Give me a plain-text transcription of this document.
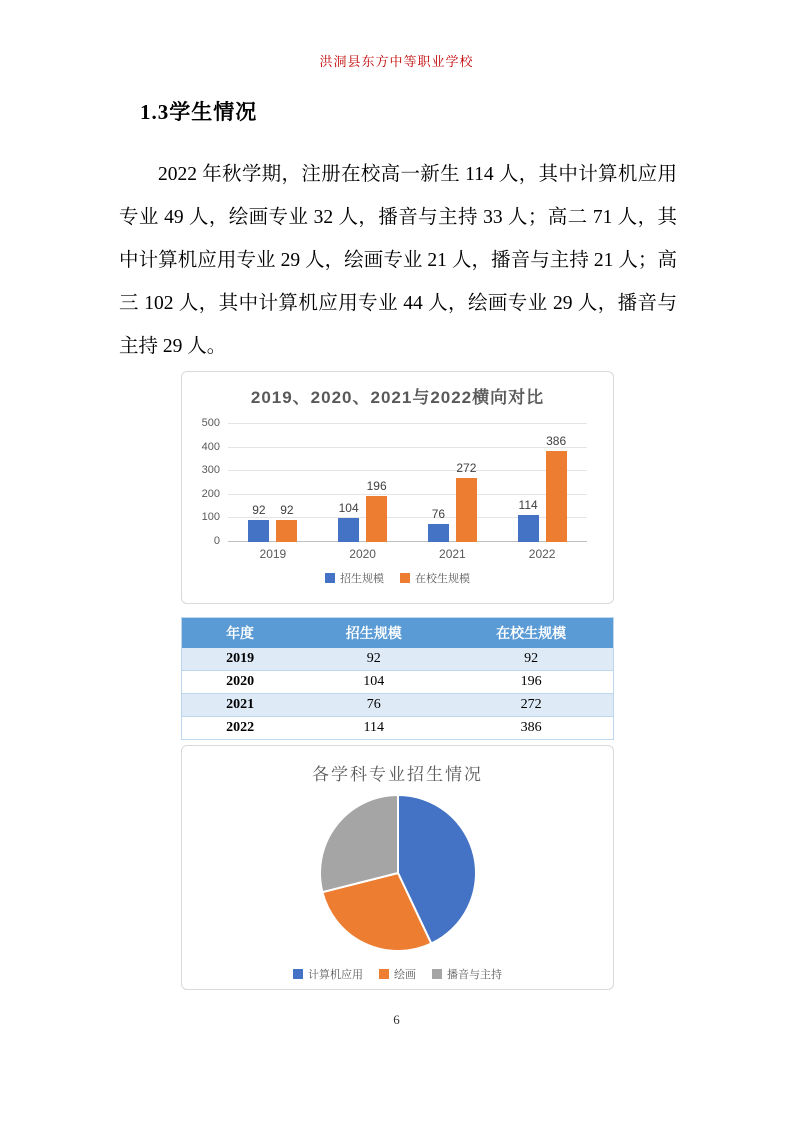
洪洞县东方中等职业学校
1.3学生情况
2022 年秋学期，注册在校高一新生 114 人，其中计算机应用专业 49 人，绘画专业 32 人，播音与主持 33 人；高二 71 人，其中计算机应用专业 29 人，绘画专业 21 人，播音与主持 21 人；高三 102 人，其中计算机应用专业 44 人，绘画专业 29 人，播音与主持 29 人。
2019、2020、2021与2022横向对比
0
100
200
300
400
500
92 92	104
196
76
272
114
386
2019	2020	2021	2022
招生规模	在校生规模
年度	招生规模	在校生规模
2019	92	92
2020	104	196
2021	76	272
2022	114	386
各学科专业招生情况
计算机应用	绘画	播音与主持
6
